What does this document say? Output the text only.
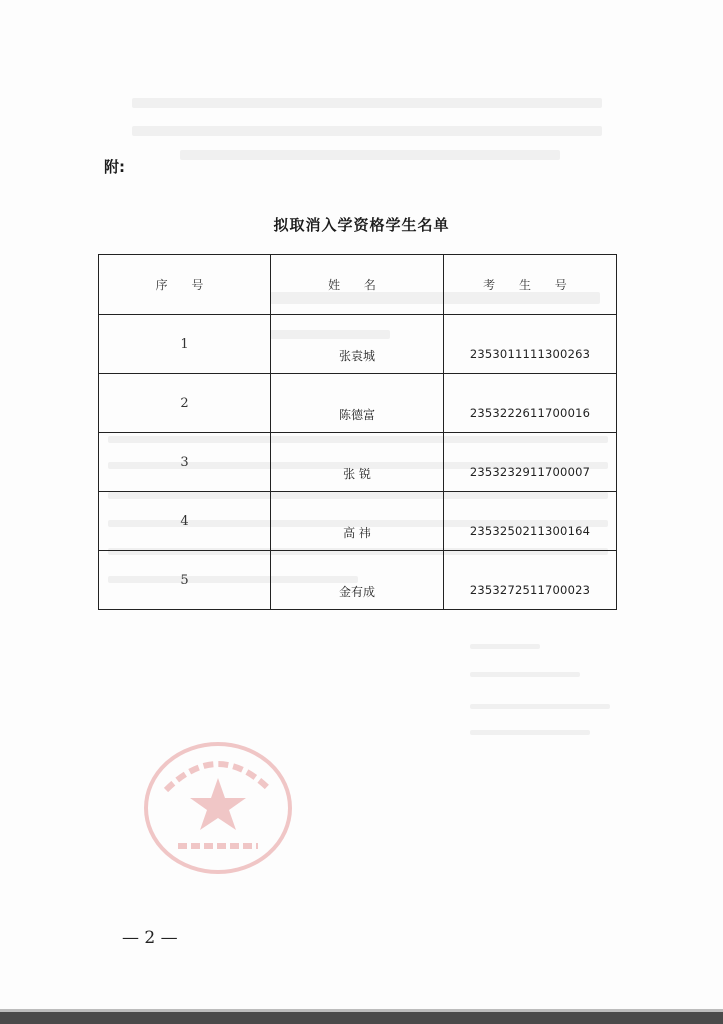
附:
拟取消入学资格学生名单
序 号	姓 名	考 生 号

1	张袁城	2353011111300263

2	陈德富	2353222611700016

3	张 锐	2353232911700007

4	高 祎	2353250211300164

5	金有成	2353272511700023
— 2 —
